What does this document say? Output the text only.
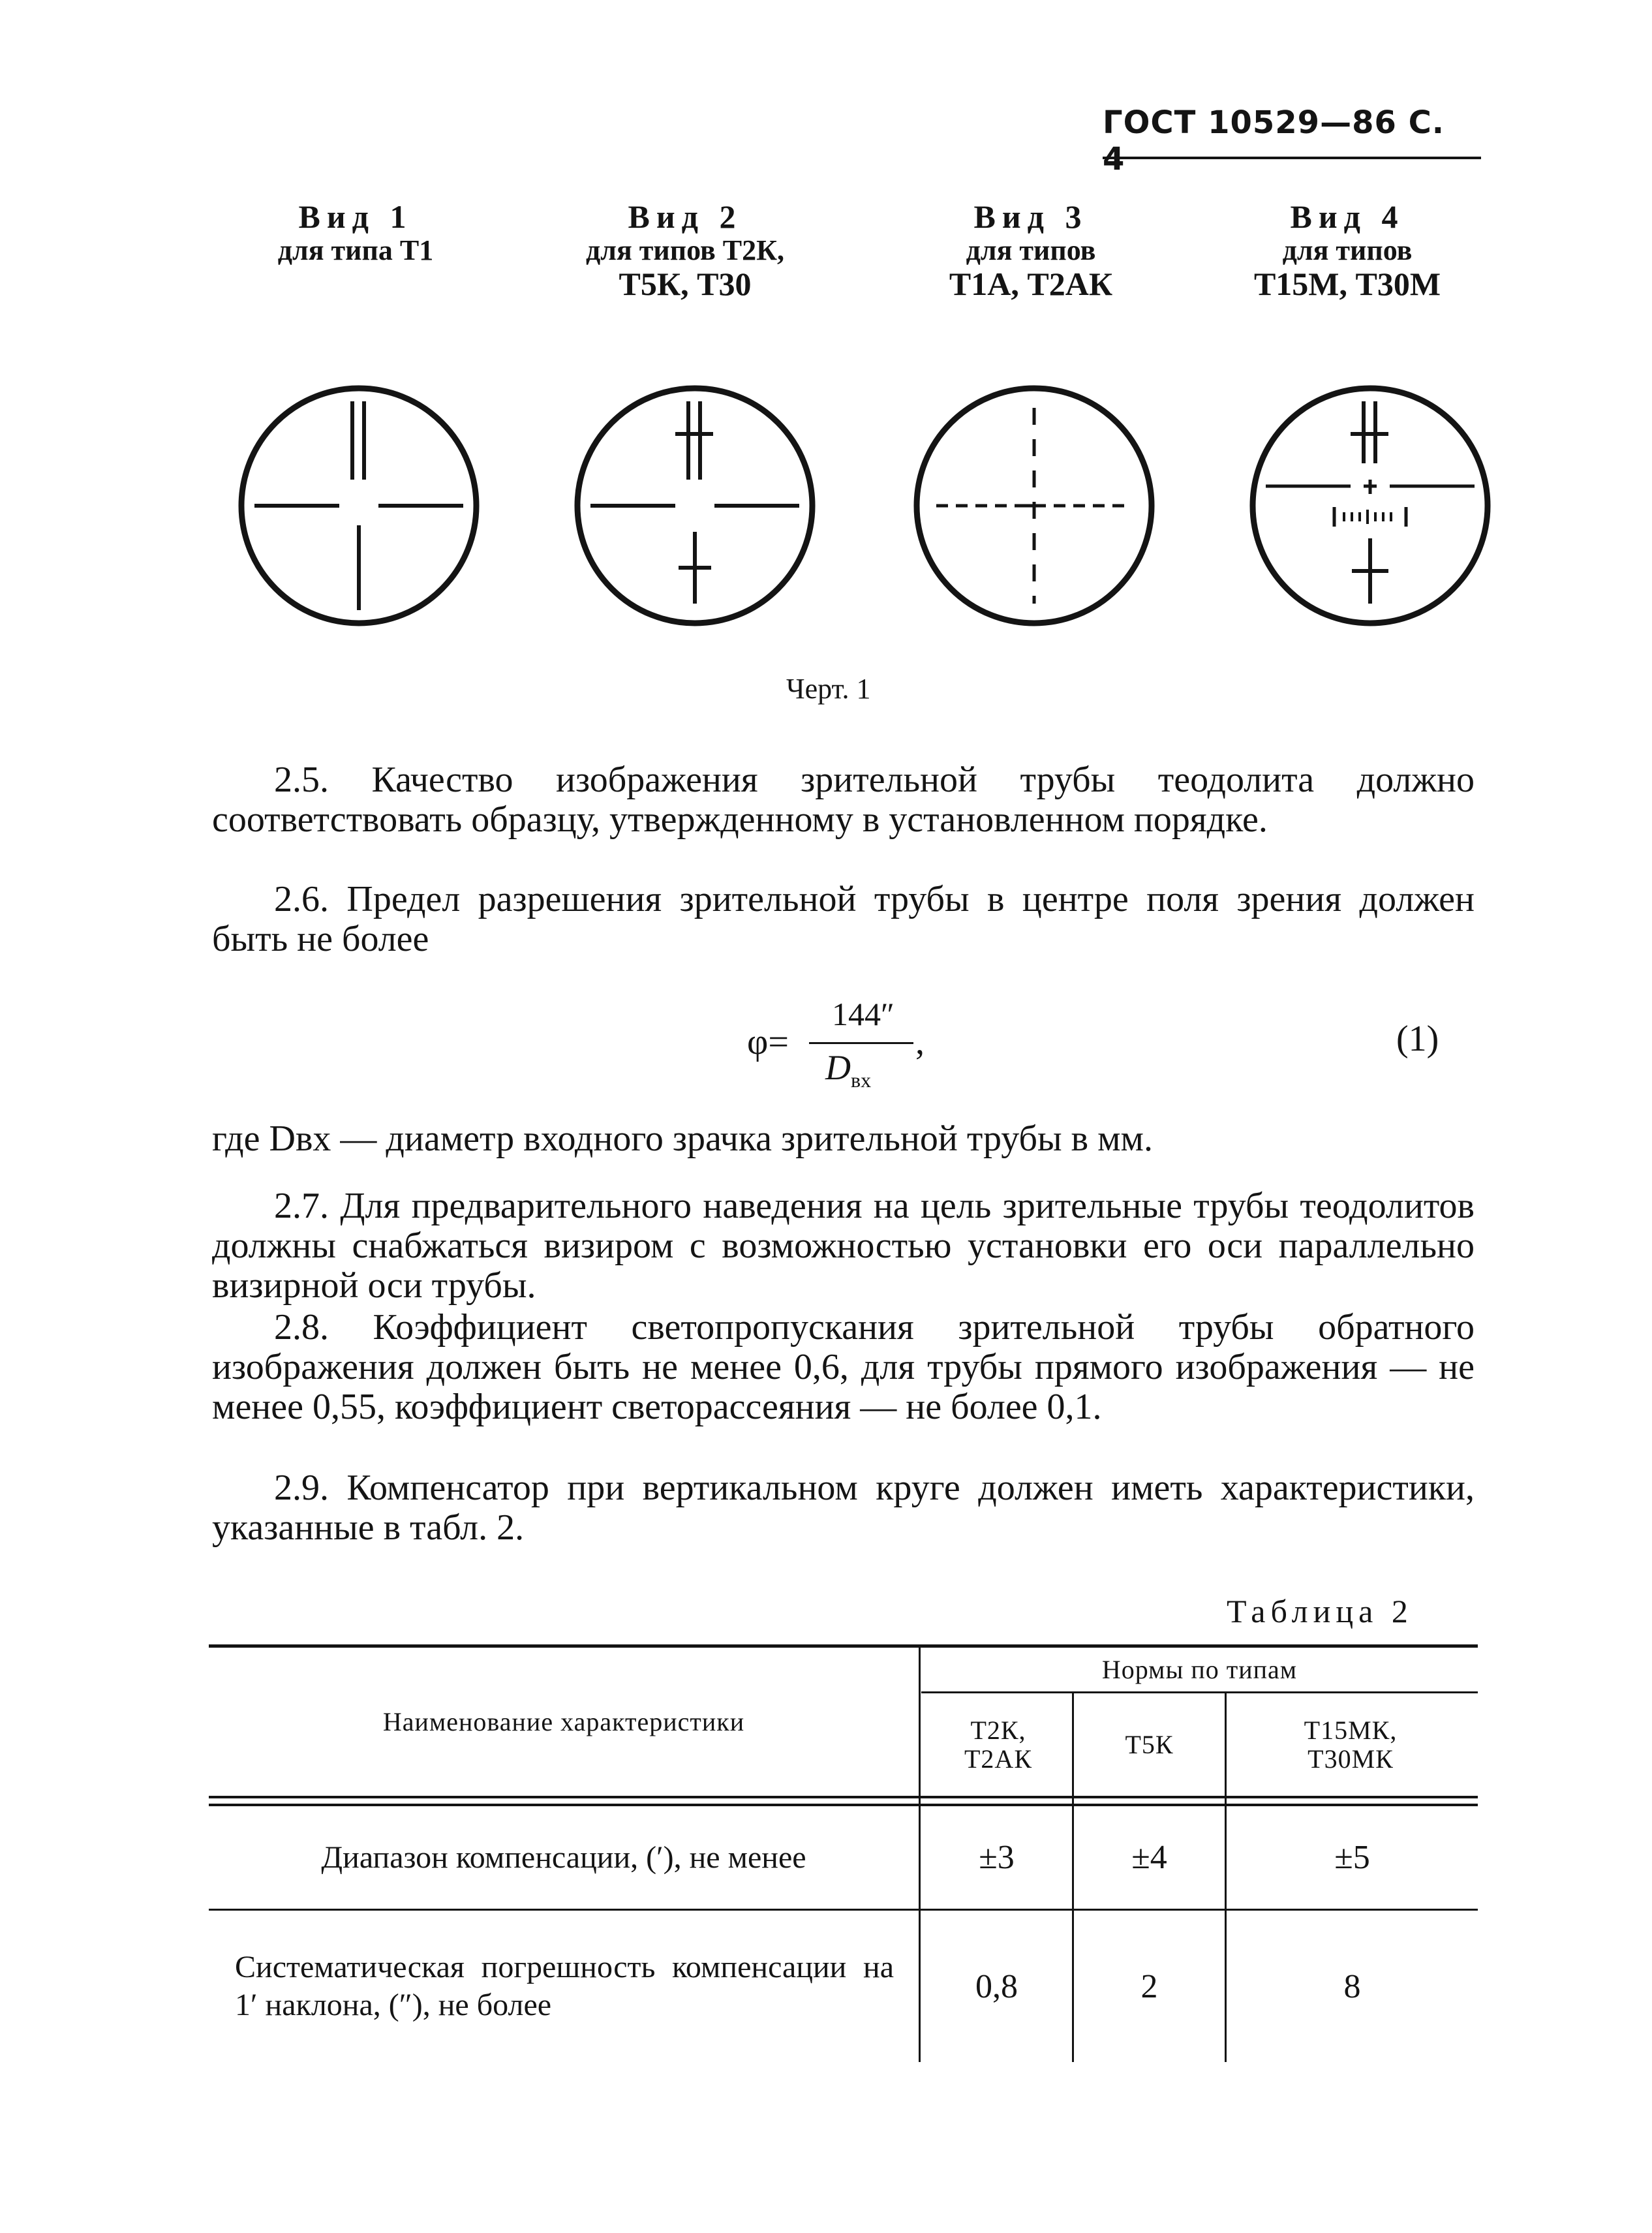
ГОСТ 10529—86 С. 4
Вид 1
для типа Т1
Вид 2
для типов Т2К,
Т5К, Т30
Вид 3
для типов
Т1А, Т2АК
Вид 4
для типов
Т15М, Т30М
Черт. 1

2.5. Качество изображения зрительной трубы теодолита должно соответствовать образцу, утвержденному в установленном порядке.

2.6. Предел разрешения зрительной трубы в центре поля зрения должен быть не более

φ=
144″
$D_{вх}$
,	(1)

где Dвх — диаметр входного зрачка зрительной трубы в мм.

2.7. Для предварительного наведения на цель зрительные трубы теодолитов должны снабжаться визиром с возможностью установки его оси параллельно визирной оси трубы.

2.8. Коэффициент светопропускания зрительной трубы обратного изображения должен быть не менее 0,6, для трубы прямого изображения — не менее 0,55, коэффициент светорассеяния — не более 0,1.

2.9. Компенсатор при вертикальном круге должен иметь характеристики, указанные в табл. 2.

Таблица 2
Наименование характеристики
Нормы по типам
Т2К, Т2АК	Т5К	Т15МК, Т30МК
Диапазон компенсации, (′), не менее	±3	±4	±5
Систематическая погрешность компенсации на 1′ наклона, (″), не более	0,8	2	8
